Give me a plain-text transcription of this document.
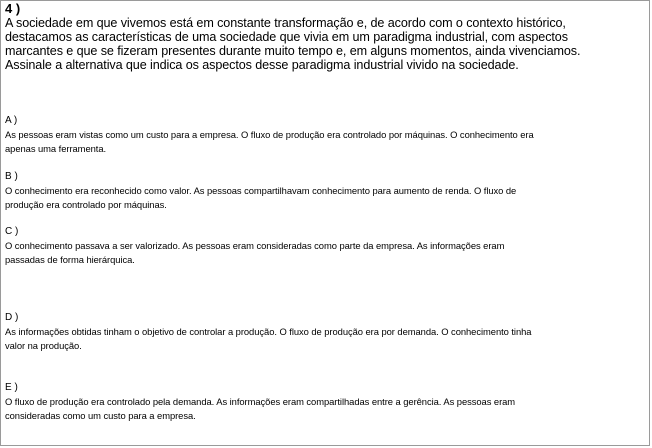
4 )
A sociedade em que vivemos está em constante transformação e, de acordo com o contexto histórico,
destacamos as características de uma sociedade que vivia em um paradigma industrial, com aspectos
marcantes e que se fizeram presentes durante muito tempo e, em alguns momentos, ainda vivenciamos.
Assinale a alternativa que indica os aspectos desse paradigma industrial vivido na sociedade.
A )
As pessoas eram vistas como um custo para a empresa. O fluxo de produção era controlado por máquinas. O conhecimento era
apenas uma ferramenta.
B )
O conhecimento era reconhecido como valor. As pessoas compartilhavam conhecimento para aumento de renda. O fluxo de
produção era controlado por máquinas.
C )
O conhecimento passava a ser valorizado. As pessoas eram consideradas como parte da empresa. As informações eram
passadas de forma hierárquica.
D )
As informações obtidas tinham o objetivo de controlar a produção. O fluxo de produção era por demanda. O conhecimento tinha
valor na produção.
E )
O fluxo de produção era controlado pela demanda. As informações eram compartilhadas entre a gerência. As pessoas eram
consideradas como um custo para a empresa.
